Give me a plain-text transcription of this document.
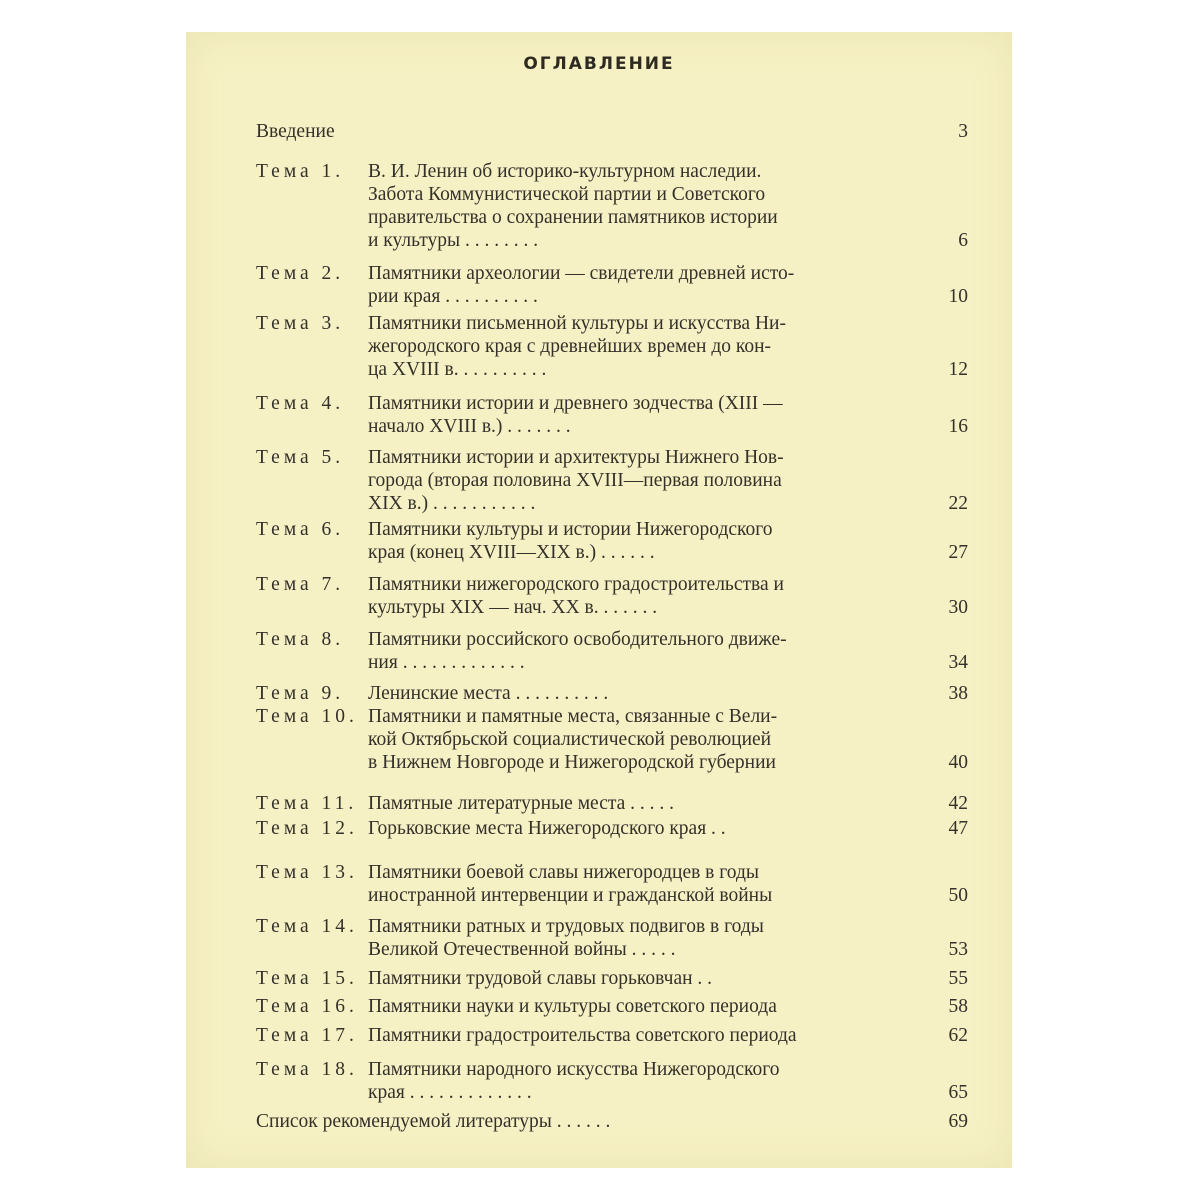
ОГЛАВЛЕНИЕ
Введение	3
Тема 1. В. И. Ленин об историко-культурном наследии.
Забота Коммунистической партии и Советского
правительства о сохранении памятников истории
и культуры . . . . . . . .	6
Тема 2. Памятники археологии — свидетели древней исто-
рии края . . . . . . . . . .	10
Тема 3. Памятники письменной культуры и искусства Ни-
жегородского края с древнейших времен до кон-
ца XVIII в. . . . . . . . . .	12
Тема 4. Памятники истории и древнего зодчества (XIII —
начало XVIII в.) . . . . . . .	16
Тема 5. Памятники истории и архитектуры Нижнего Нов-
города (вторая половина XVIII—первая половина
XIX в.) . . . . . . . . . . .	22
Тема 6. Памятники культуры и истории Нижегородского
края (конец XVIII—XIX в.) . . . . . .	27
Тема 7. Памятники нижегородского градостроительства и
культуры XIX — нач. XX в. . . . . . .	30
Тема 8. Памятники российского освободительного движе-
ния . . . . . . . . . . . . .	34
Тема 9. Ленинские места . . . . . . . . . .	38
Тема 10. Памятники и памятные места, связанные с Вели-
кой Октябрьской социалистической революцией
в Нижнем Новгороде и Нижегородской губернии	40
Тема 11. Памятные литературные места . . . . .	42
Тема 12. Горьковские места Нижегородского края . .	47
Тема 13. Памятники боевой славы нижегородцев в годы
иностранной интервенции и гражданской войны	50
Тема 14. Памятники ратных и трудовых подвигов в годы
Великой Отечественной войны . . . . .	53
Тема 15. Памятники трудовой славы горьковчан . .	55
Тема 16. Памятники науки и культуры советского периода	58
Тема 17. Памятники градостроительства советского периода	62
Тема 18. Памятники народного искусства Нижегородского
края . . . . . . . . . . . . .	65
Список рекомендуемой литературы . . . . . .	69
